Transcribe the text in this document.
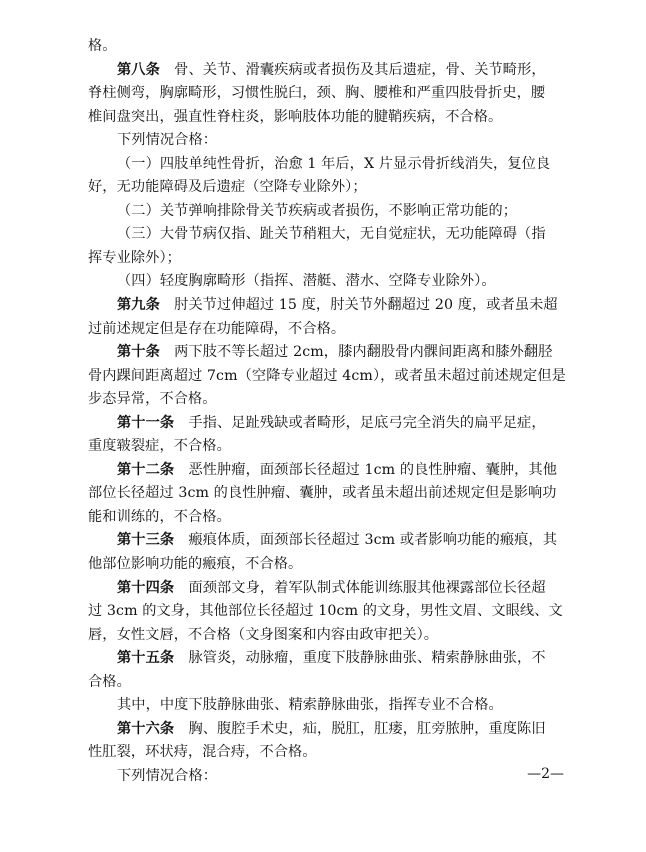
格。
第八条　骨、关节、滑囊疾病或者损伤及其后遗症，骨、关节畸形，
脊柱侧弯，胸廓畸形，习惯性脱臼，颈、胸、腰椎和严重四肢骨折史，腰
椎间盘突出，强直性脊柱炎，影响肢体功能的腱鞘疾病，不合格。
下列情况合格：
（一）四肢单纯性骨折，治愈 1 年后，X 片显示骨折线消失，复位良
好，无功能障碍及后遗症（空降专业除外）；
（二）关节弹响排除骨关节疾病或者损伤，不影响正常功能的；
（三）大骨节病仅指、趾关节稍粗大，无自觉症状，无功能障碍（指
挥专业除外）；
（四）轻度胸廓畸形（指挥、潜艇、潜水、空降专业除外）。
第九条　肘关节过伸超过 15 度，肘关节外翻超过 20 度，或者虽未超
过前述规定但是存在功能障碍，不合格。
第十条　两下肢不等长超过 2cm，膝内翻股骨内髁间距离和膝外翻胫
骨内踝间距离超过 7cm（空降专业超过 4cm），或者虽未超过前述规定但是
步态异常，不合格。
第十一条　手指、足趾残缺或者畸形，足底弓完全消失的扁平足症，
重度皲裂症，不合格。
第十二条　恶性肿瘤，面颈部长径超过 1cm 的良性肿瘤、囊肿，其他
部位长径超过 3cm 的良性肿瘤、囊肿，或者虽未超出前述规定但是影响功
能和训练的，不合格。
第十三条　瘢痕体质，面颈部长径超过 3cm 或者影响功能的瘢痕，其
他部位影响功能的瘢痕，不合格。
第十四条　面颈部文身，着军队制式体能训练服其他裸露部位长径超
过 3cm 的文身，其他部位长径超过 10cm 的文身，男性文眉、文眼线、文
唇，女性文唇，不合格（文身图案和内容由政审把关）。
第十五条　脉管炎，动脉瘤，重度下肢静脉曲张、精索静脉曲张，不
合格。
其中，中度下肢静脉曲张、精索静脉曲张，指挥专业不合格。
第十六条　胸、腹腔手术史，疝，脱肛，肛瘘，肛旁脓肿，重度陈旧
性肛裂，环状痔，混合痔，不合格。
下列情况合格：	—2—
